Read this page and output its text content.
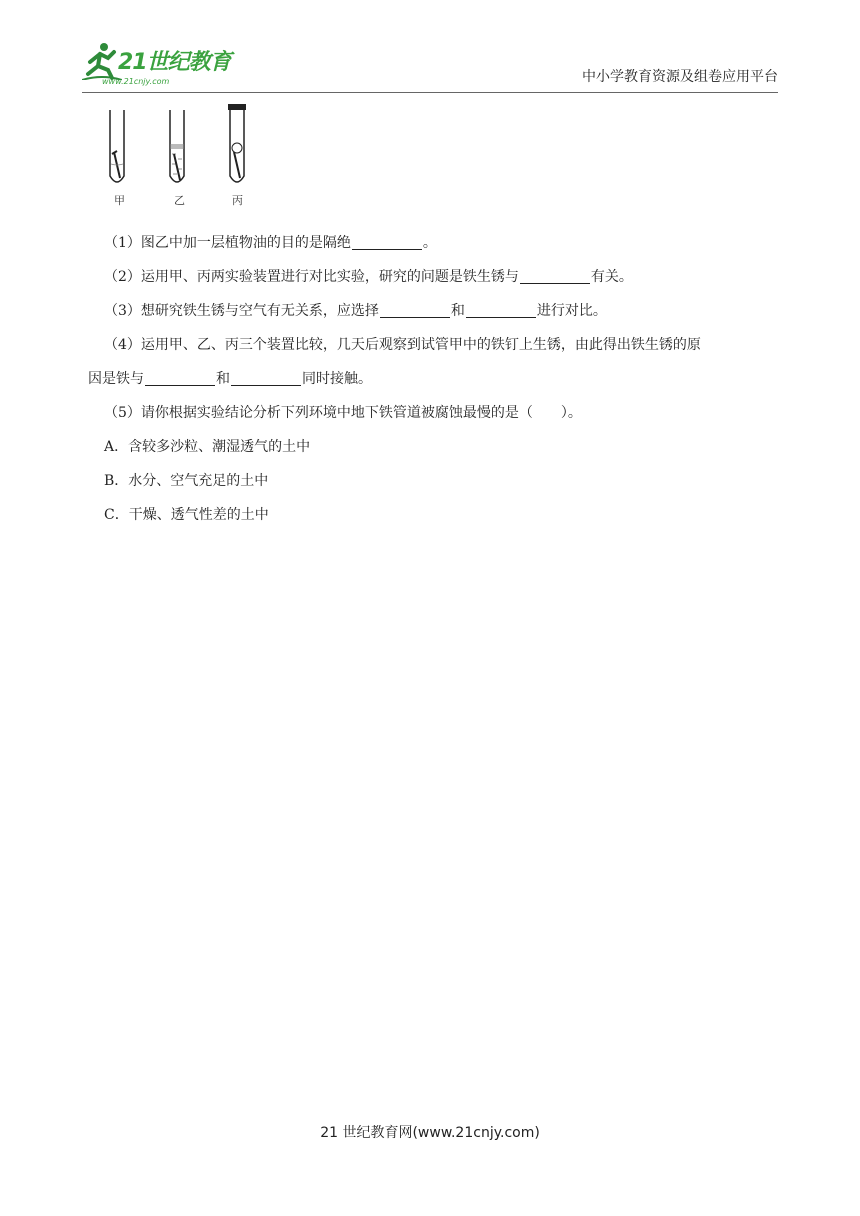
21世纪教育
www.21cnjy.com	中小学教育资源及组卷应用平台
甲	乙	丙

（1）图乙中加一层植物油的目的是隔绝	。

（2）运用甲、丙两实验装置进行对比实验，研究的问题是铁生锈与	有关。

（3）想研究铁生锈与空气有无关系，应选择	和	进行对比。

（4）运用甲、乙、丙三个装置比较，几天后观察到试管甲中的铁钉上生锈，由此得出铁生锈的原

因是铁与	和	同时接触。

（5）请你根据实验结论分析下列环境中地下铁管道被腐蚀最慢的是（　　）。

A．含较多沙粒、潮湿透气的土中

B．水分、空气充足的土中

C．干燥、透气性差的土中

21 世纪教育网(www.21cnjy.com)
